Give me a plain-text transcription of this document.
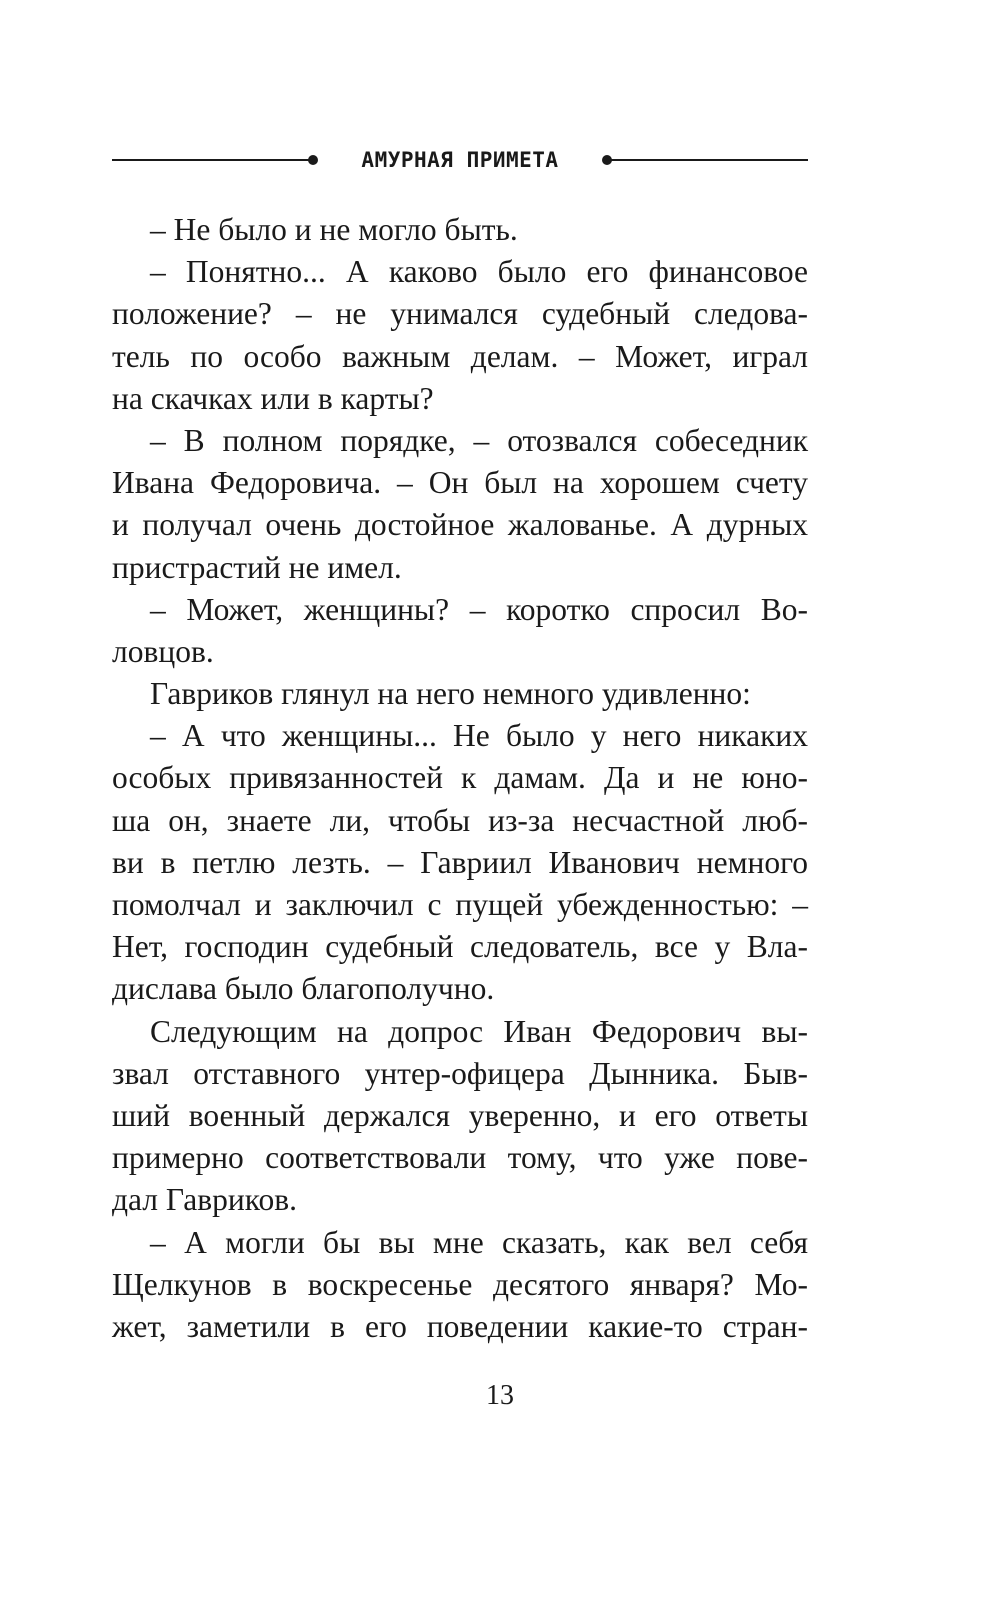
АМУРНАЯ ПРИМЕТА
– Не было и не могло быть.
– Понятно... А каково было его финансовое
положение? – не унимался судебный следова-
тель по особо важным делам. – Может, играл
на скачках или в карты?
– В полном порядке, – отозвался собеседник
Ивана Федоровича. – Он был на хорошем счету
и получал очень достойное жалованье. А дурных
пристрастий не имел.
– Может, женщины? – коротко спросил Во-
ловцов.
Гавриков глянул на него немного удивленно:
– А что женщины... Не было у него никаких
особых привязанностей к дамам. Да и не юно-
ша он, знаете ли, чтобы из-за несчастной люб-
ви в петлю лезть. – Гавриил Иванович немного
помолчал и заключил с пущей убежденностью: –
Нет, господин судебный следователь, все у Вла-
дислава было благополучно.
Следующим на допрос Иван Федорович вы-
звал отставного унтер-офицера Дынника. Быв-
ший военный держался уверенно, и его ответы
примерно соответствовали тому, что уже пове-
дал Гавриков.
– А могли бы вы мне сказать, как вел себя
Щелкунов в воскресенье десятого января? Мо-
жет, заметили в его поведении какие-то стран-
13
